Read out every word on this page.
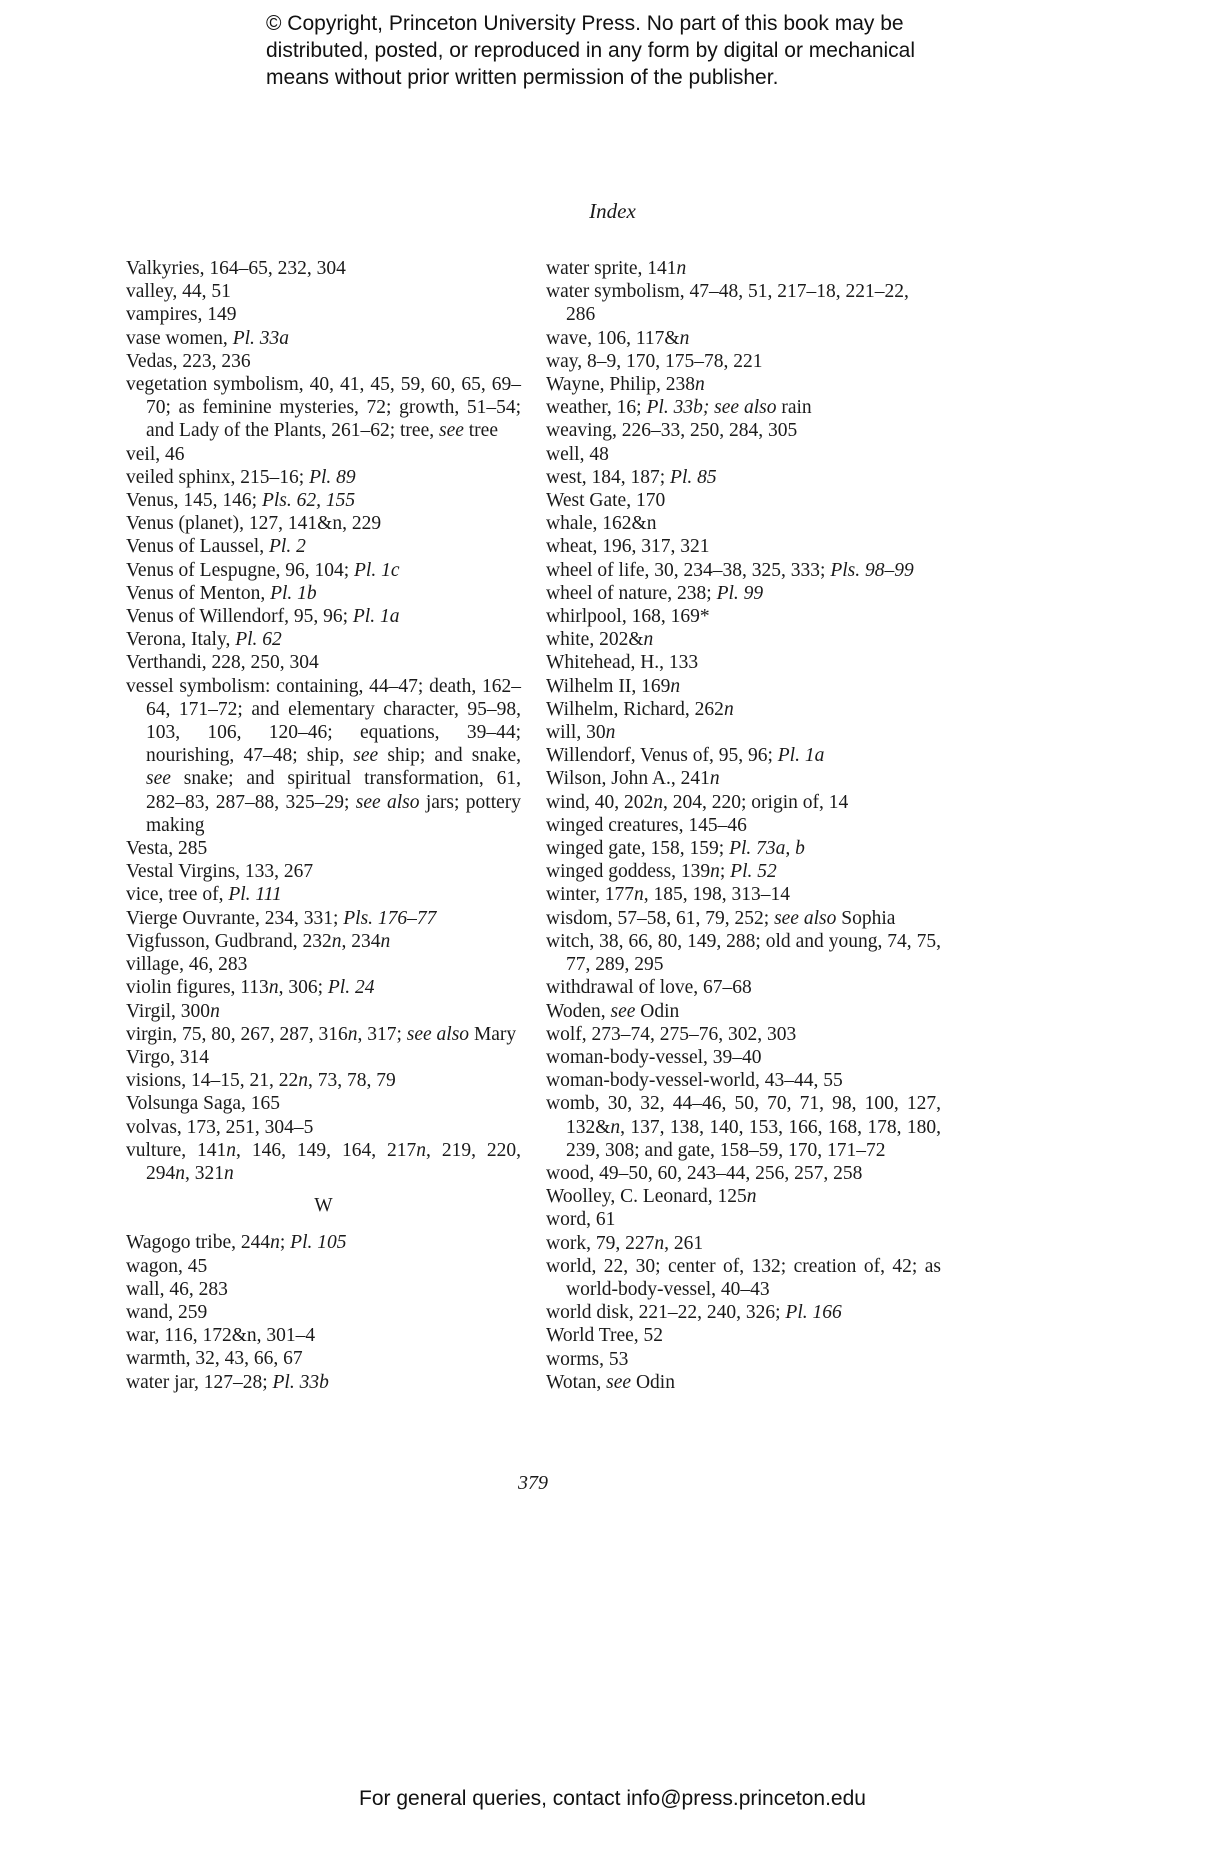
© Copyright, Princeton University Press. No part of this book may be
distributed, posted, or reproduced in any form by digital or mechanical
means without prior written permission of the publisher.
Index
Valkyries, 164–65, 232, 304
valley, 44, 51
vampires, 149
vase women, Pl. 33a
Vedas, 223, 236
vegetation symbolism, 40, 41, 45, 59, 60, 65, 69–70; as feminine mysteries, 72; growth, 51–54; and Lady of the Plants, 261–62; tree, see tree
veil, 46
veiled sphinx, 215–16; Pl. 89
Venus, 145, 146; Pls. 62, 155
Venus (planet), 127, 141&n, 229
Venus of Laussel, Pl. 2
Venus of Lespugne, 96, 104; Pl. 1c
Venus of Menton, Pl. 1b
Venus of Willendorf, 95, 96; Pl. 1a
Verona, Italy, Pl. 62
Verthandi, 228, 250, 304
vessel symbolism: containing, 44–47; death, 162–64, 171–72; and elementary character, 95–98, 103, 106, 120–46; equations, 39–44; nourishing, 47–48; ship, see ship; and snake, see snake; and spiritual transformation, 61, 282–83, 287–88, 325–29; see also jars; pottery making
Vesta, 285
Vestal Virgins, 133, 267
vice, tree of, Pl. 111
Vierge Ouvrante, 234, 331; Pls. 176–77
Vigfusson, Gudbrand, 232n, 234n
village, 46, 283
violin figures, 113n, 306; Pl. 24
Virgil, 300n
virgin, 75, 80, 267, 287, 316n, 317; see also Mary
Virgo, 314
visions, 14–15, 21, 22n, 73, 78, 79
Volsunga Saga, 165
volvas, 173, 251, 304–5
vulture, 141n, 146, 149, 164, 217n, 219, 220, 294n, 321n
W
Wagogo tribe, 244n; Pl. 105
wagon, 45
wall, 46, 283
wand, 259
war, 116, 172&n, 301–4
warmth, 32, 43, 66, 67
water jar, 127–28; Pl. 33b
water sprite, 141n
water symbolism, 47–48, 51, 217–18, 221–22, 286
wave, 106, 117&n
way, 8–9, 170, 175–78, 221
Wayne, Philip, 238n
weather, 16; Pl. 33b; see also rain
weaving, 226–33, 250, 284, 305
well, 48
west, 184, 187; Pl. 85
West Gate, 170
whale, 162&n
wheat, 196, 317, 321
wheel of life, 30, 234–38, 325, 333; Pls. 98–99
wheel of nature, 238; Pl. 99
whirlpool, 168, 169*
white, 202&n
Whitehead, H., 133
Wilhelm II, 169n
Wilhelm, Richard, 262n
will, 30n
Willendorf, Venus of, 95, 96; Pl. 1a
Wilson, John A., 241n
wind, 40, 202n, 204, 220; origin of, 14
winged creatures, 145–46
winged gate, 158, 159; Pl. 73a, b
winged goddess, 139n; Pl. 52
winter, 177n, 185, 198, 313–14
wisdom, 57–58, 61, 79, 252; see also Sophia
witch, 38, 66, 80, 149, 288; old and young, 74, 75, 77, 289, 295
withdrawal of love, 67–68
Woden, see Odin
wolf, 273–74, 275–76, 302, 303
woman-body-vessel, 39–40
woman-body-vessel-world, 43–44, 55
womb, 30, 32, 44–46, 50, 70, 71, 98, 100, 127, 132&n, 137, 138, 140, 153, 166, 168, 178, 180, 239, 308; and gate, 158–59, 170, 171–72
wood, 49–50, 60, 243–44, 256, 257, 258
Woolley, C. Leonard, 125n
word, 61
work, 79, 227n, 261
world, 22, 30; center of, 132; creation of, 42; as world-body-vessel, 40–43
world disk, 221–22, 240, 326; Pl. 166
World Tree, 52
worms, 53
Wotan, see Odin
379
For general queries, contact info@press.princeton.edu
